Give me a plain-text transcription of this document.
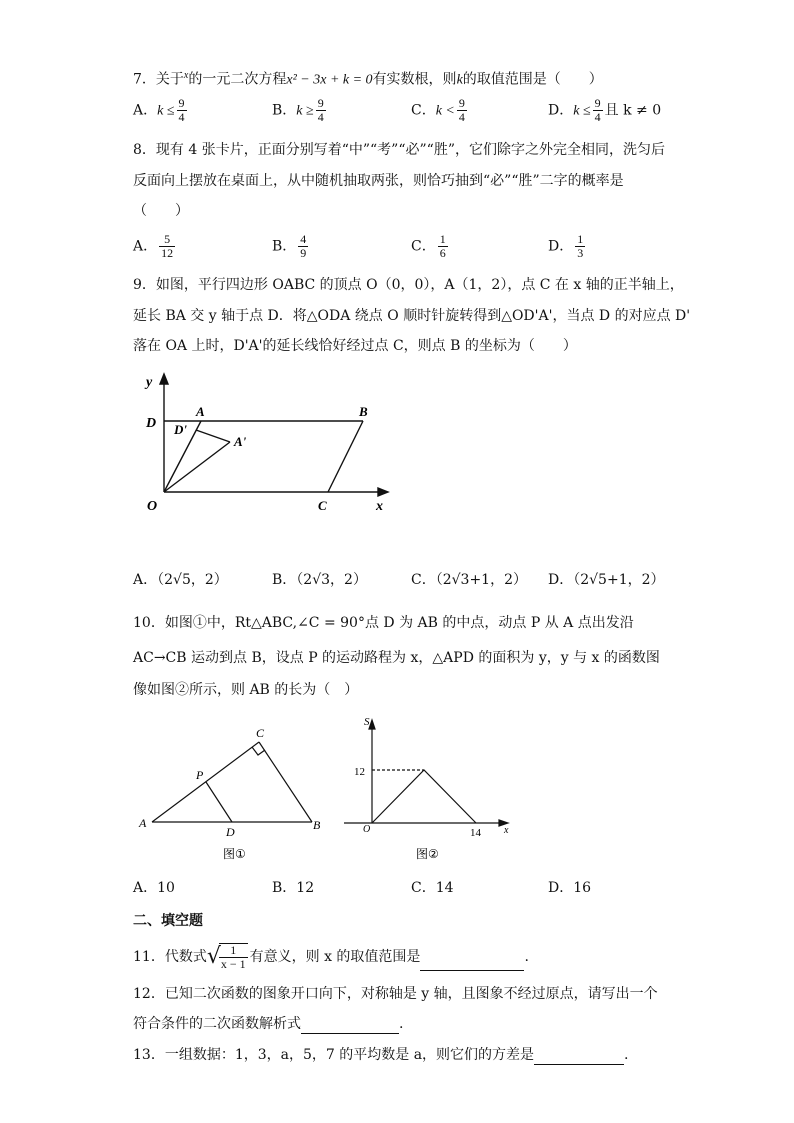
7．关于$^x$的一元二次方程x² − 3x + k = 0有实数根，则k的取值范围是（　　）
A．$k \le \frac{9}{4}$	B．$k \ge \frac{9}{4}$	C．$k < \frac{9}{4}$	D．$k \le \frac{9}{4}$ 且 k ≠ 0
8．现有 4 张卡片，正面分别写着“中”“考”“必”“胜”，它们除字之外完全相同，洗匀后
反面向上摆放在桌面上，从中随机抽取两张，则恰巧抽到“必”“胜”二字的概率是
（　　）
A． $\frac{5}{12}$	B． $\frac{4}{9}$	C． $\frac{1}{6}$	D． $\frac{1}{3}$
9．如图，平行四边形 OABC 的顶点 O（0，0），A（1，2），点 C 在 x 轴的正半轴上，
延长 BA 交 y 轴于点 D．将△ODA 绕点 O 顺时针旋转得到△OD'A'，当点 D 的对应点 D'
落在 OA 上时，D'A'的延长线恰好经过点 C，则点 B 的坐标为（　　）
y
x
D
A	B
D'
A'
O	C
A．（2√5，2）	B．（2√3，2）	C．（2√3+1，2） D．（2√5+1，2）
10．如图①中，Rt△ABC,∠C = 90°点 D 为 AB 的中点，动点 P 从 A 点出发沿
AC→CB 运动到点 B，设点 P 的运动路程为 x，△APD 的面积为 y，y 与 x 的函数图
像如图②所示，则 AB 的长为（　）
A	B
C
D
P
图①
S
12
O	14 x
图②
A．10	B．12	C．14	D．16
二、填空题
11．代数式√
$\frac{1}{x - 1}$ 有意义，则 x 的取值范围是	.
12．已知二次函数的图象开口向下，对称轴是 y 轴，且图象不经过原点，请写出一个
符合条件的二次函数解析式	.
13．一组数据：1，3，a，5，7 的平均数是 a，则它们的方差是	.
